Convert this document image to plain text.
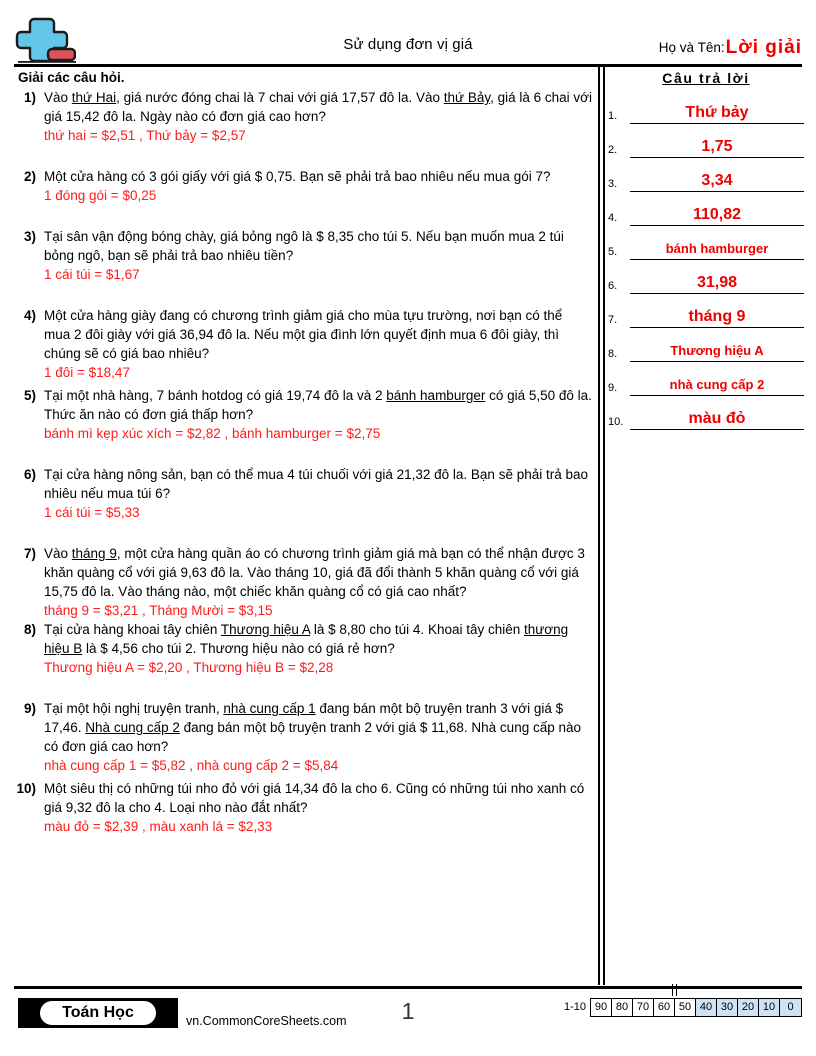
Sử dụng đơn vị giá	Họ và Tên: Lời giải
Giải các câu hỏi.
1) Vào thứ Hai, giá nước đóng chai là 7 chai với giá 17,57 đô la. Vào thứ Bảy, giá là 6 chai với giá 15,42 đô la. Ngày nào có đơn giá cao hơn?
thứ hai = $2,51 , Thứ bảy = $2,57
2) Một cửa hàng có 3 gói giấy với giá $ 0,75. Bạn sẽ phải trả bao nhiêu nếu mua gói 7?
1 đóng gói = $0,25
3) Tại sân vận động bóng chày, giá bỏng ngô là $ 8,35 cho túi 5. Nếu bạn muốn mua 2 túi bỏng ngô, bạn sẽ phải trả bao nhiêu tiền?
1 cái túi = $1,67
4) Một cửa hàng giày đang có chương trình giảm giá cho mùa tựu trường, nơi bạn có thể mua 2 đôi giày với giá 36,94 đô la. Nếu một gia đình lớn quyết định mua 6 đôi giày, thì chúng sẽ có giá bao nhiêu?
1 đôi = $18,47
5) Tại một nhà hàng, 7 bánh hotdog có giá 19,74 đô la và 2 bánh hamburger có giá 5,50 đô la. Thức ăn nào có đơn giá thấp hơn?
bánh mì kẹp xúc xích = $2,82 , bánh hamburger = $2,75
6) Tại cửa hàng nông sản, bạn có thể mua 4 túi chuối với giá 21,32 đô la. Bạn sẽ phải trả bao nhiêu nếu mua túi 6?
1 cái túi = $5,33
7) Vào tháng 9, một cửa hàng quần áo có chương trình giảm giá mà bạn có thể nhận được 3 khăn quàng cổ với giá 9,63 đô la. Vào tháng 10, giá đã đổi thành 5 khăn quàng cổ với giá 15,75 đô la. Vào tháng nào, một chiếc khăn quàng cổ có giá cao nhất?
tháng 9 = $3,21 , Tháng Mười = $3,15
8) Tại cửa hàng khoai tây chiên Thương hiệu A là $ 8,80 cho túi 4. Khoai tây chiên thương hiệu B là $ 4,56 cho túi 2. Thương hiệu nào có giá rẻ hơn?
Thương hiệu A = $2,20 , Thương hiệu B = $2,28
9) Tại một hội nghị truyện tranh, nhà cung cấp 1 đang bán một bộ truyện tranh 3 với giá $ 17,46. Nhà cung cấp 2 đang bán một bộ truyện tranh 2 với giá $ 11,68. Nhà cung cấp nào có đơn giá cao hơn?
nhà cung cấp 1 = $5,82 , nhà cung cấp 2 = $5,84
10) Một siêu thị có những túi nho đỏ với giá 14,34 đô la cho 6. Cũng có những túi nho xanh có giá 9,32 đô la cho 4. Loại nho nào đắt nhất?
màu đỏ = $2,39 , màu xanh lá = $2,33
Câu trả lời
1.	Thứ bảy
2.	1,75
3.	3,34
4.	110,82
5.	bánh hamburger
6.	31,98
7.	tháng 9
8.	Thương hiệu A
9.	nhà cung cấp 2
10.	màu đỏ
Toán Học	vn.CommonCoreSheets.com	1	1-10 90 80 70 60 50 40 30 20 10	0
